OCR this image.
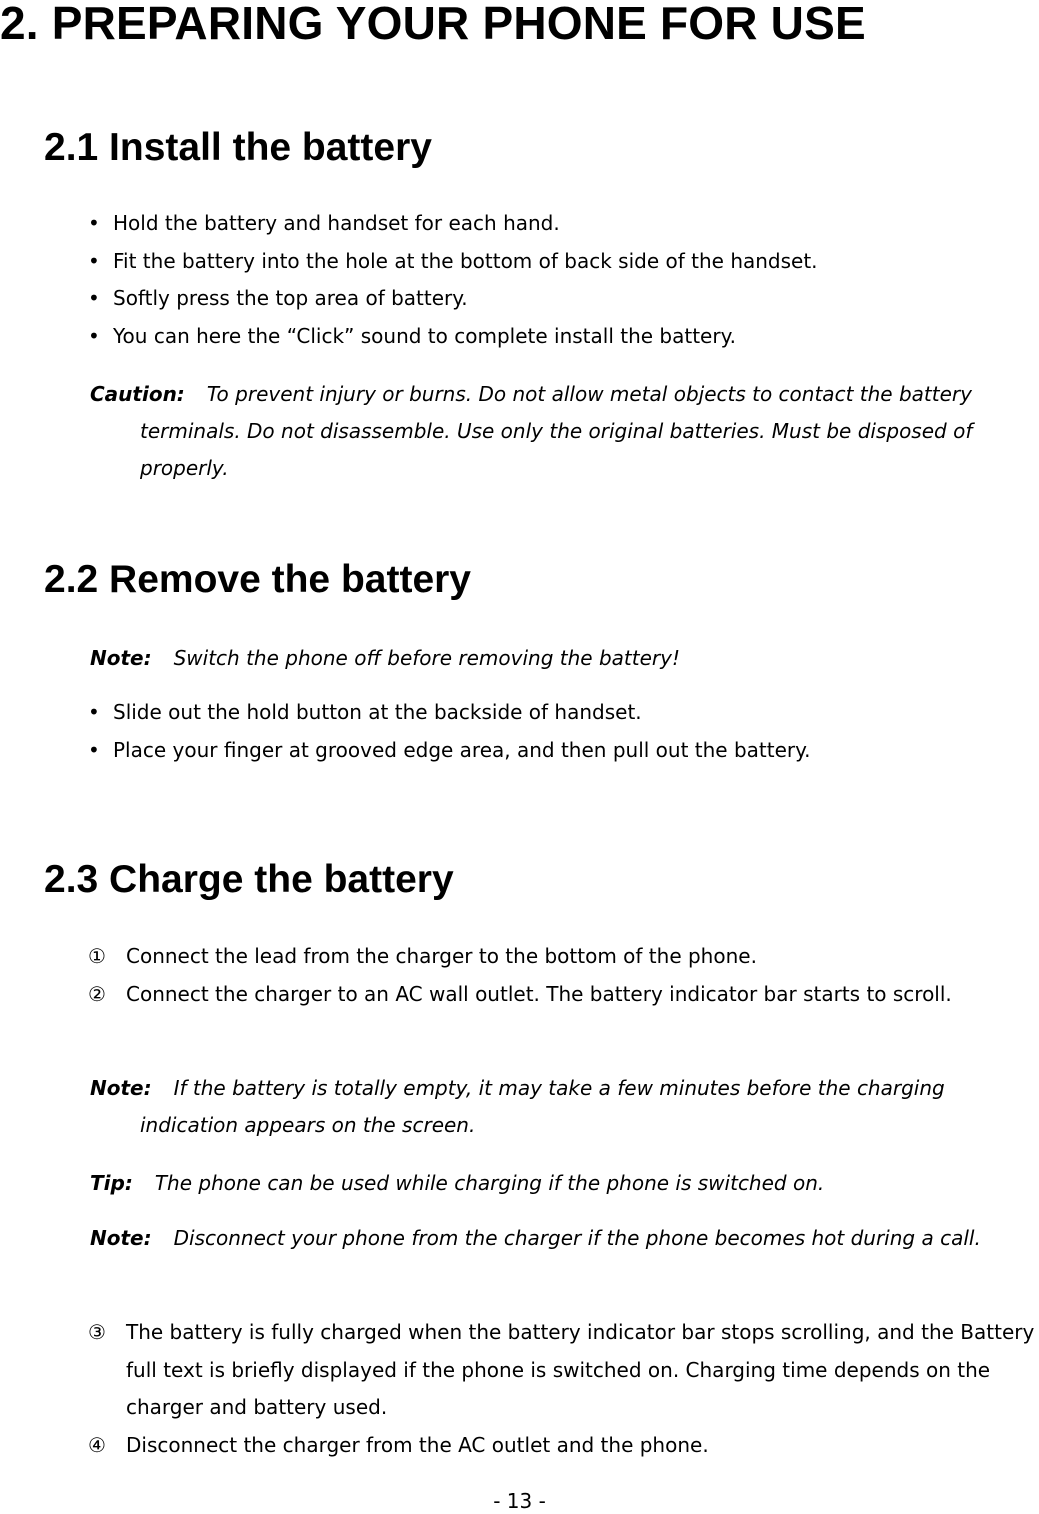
2. PREPARING YOUR PHONE FOR USE
2.1 Install the battery
• Hold the battery and handset for each hand.
• Fit the battery into the hole at the bottom of back side of the handset.
• Softly press the top area of battery.
• You can here the “Click” sound to complete install the battery.

Caution: To prevent injury or burns. Do not allow metal objects to contact the battery terminals. Do not disassemble. Use only the original batteries. Must be disposed of properly.

2.2 Remove the battery

Note: Switch the phone off before removing the battery!

• Slide out the hold button at the backside of handset.
• Place your finger at grooved edge area, and then pull out the battery.
2.3 Charge the battery
① Connect the lead from the charger to the bottom of the phone.
② Connect the charger to an AC wall outlet. The battery indicator bar starts to scroll.

Note: If the battery is totally empty, it may take a few minutes before the charging indication appears on the screen.

Tip: The phone can be used while charging if the phone is switched on.

Note: Disconnect your phone from the charger if the phone becomes hot during a call.

③ The battery is fully charged when the battery indicator bar stops scrolling, and the Battery full text is briefly displayed if the phone is switched on. Charging time depends on the charger and battery used.
④ Disconnect the charger from the AC outlet and the phone.
- 13 -
